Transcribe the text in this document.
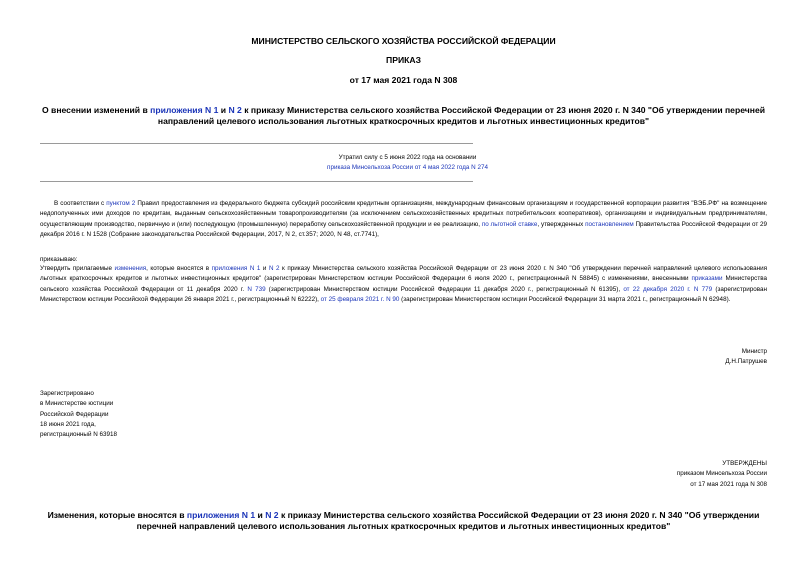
МИНИСТЕРСТВО СЕЛЬСКОГО ХОЗЯЙСТВА РОССИЙСКОЙ ФЕДЕРАЦИИ
ПРИКАЗ
от 17 мая 2021 года N 308
О внесении изменений в приложения N 1 и N 2 к приказу Министерства сельского хозяйства Российской Федерации от 23 июня 2020 г. N 340 "Об утверждении перечней направлений целевого использования льготных краткосрочных кредитов и льготных инвестиционных кредитов"
Утратил силу с 5 июня 2022 года на основании
приказа Минсельхоза России от 4 мая 2022 года N 274
В соответствии с пунктом 2 Правил предоставления из федерального бюджета субсидий российским кредитным организациям, международным финансовым организациям и государственной корпорации развития "ВЭБ.РФ" на возмещение недополученных ими доходов по кредитам, выданным сельскохозяйственным товаропроизводителям (за исключением сельскохозяйственных кредитных потребительских кооперативов), организациям и индивидуальным предпринимателям, осуществляющим производство, первичную и (или) последующую (промышленную) переработку сельскохозяйственной продукции и ее реализацию, по льготной ставке, утвержденных постановлением Правительства Российской Федерации от 29 декабря 2016 г. N 1528 (Собрание законодательства Российской Федерации, 2017, N 2, ст.357; 2020, N 48, ст.7741),
приказываю:
Утвердить прилагаемые изменения, которые вносятся в приложения N 1 и N 2 к приказу Министерства сельского хозяйства Российской Федерации от 23 июня 2020 г. N 340 "Об утверждении перечней направлений целевого использования льготных краткосрочных кредитов и льготных инвестиционных кредитов" (зарегистрирован Министерством юстиции Российской Федерации 6 июля 2020 г., регистрационный N 58845) с изменениями, внесенными приказами Министерства сельского хозяйства Российской Федерации от 11 декабря 2020 г. N 739 (зарегистрирован Министерством юстиции Российской Федерации 11 декабря 2020 г., регистрационный N 61395), от 22 декабря 2020 г. N 779 (зарегистрирован Министерством юстиции Российской Федерации 26 января 2021 г., регистрационный N 62222), от 25 февраля 2021 г. N 90 (зарегистрирован Министерством юстиции Российской Федерации 31 марта 2021 г., регистрационный N 62948).
Министр
Д.Н.Патрушев
Зарегистрировано
в Министерстве юстиции
Российской Федерации
18 июня 2021 года,
регистрационный N 63918
УТВЕРЖДЕНЫ
приказом Минсельхоза России
от 17 мая 2021 года N 308
Изменения, которые вносятся в приложения N 1 и N 2 к приказу Министерства сельского хозяйства Российской Федерации от 23 июня 2020 г. N 340 "Об утверждении перечней направлений целевого использования льготных краткосрочных кредитов и льготных инвестиционных кредитов"
